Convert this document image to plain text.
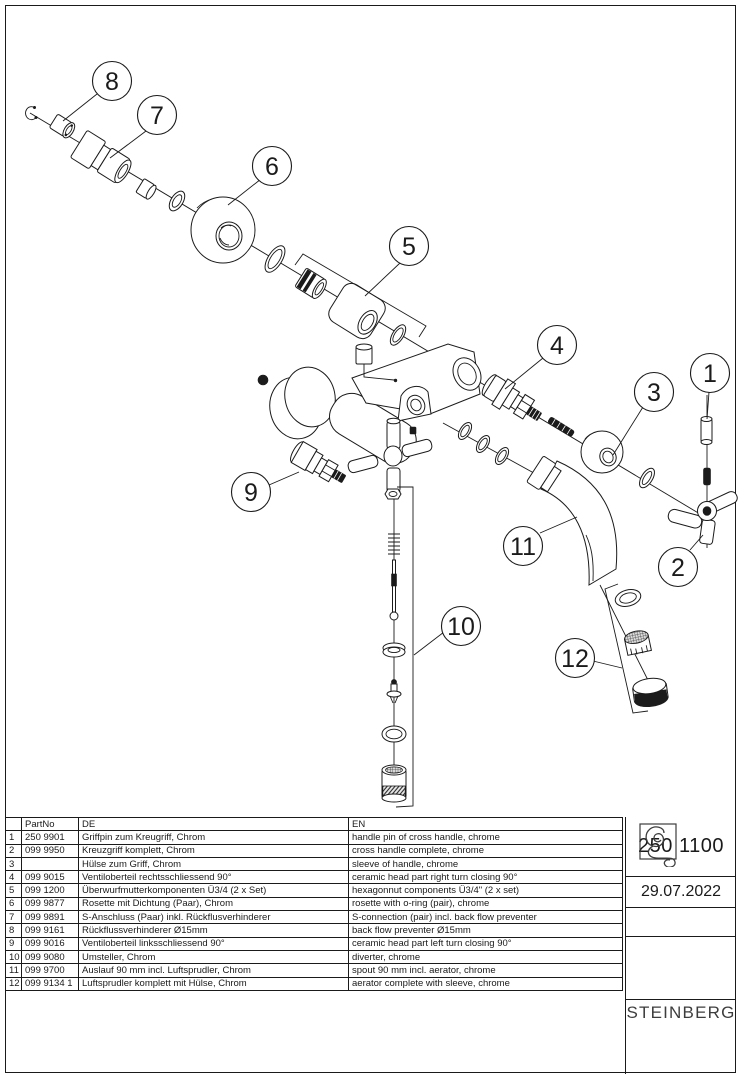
8
7
6
5
4
3
1
2
9
11
10
12
	PartNo	DE	EN
1	250 9901	Griffpin zum Kreugriff, Chrom	handle pin of cross handle, chrome
2	099 9950	Kreuzgriff komplett, Chrom	cross handle complete, chrome
3		Hülse zum Griff, Chrom	sleeve of handle, chrome
4	099 9015	Ventiloberteil rechtsschliessend 90°	ceramic head part right turn closing 90°
5	099 1200	Überwurfmutterkomponenten Ü3/4 (2 x Set)	hexagonnut components Ü3/4" (2 x set)
6	099 9877	Rosette mit Dichtung (Paar), Chrom	rosette with o-ring (pair), chrome
7	099 9891	S-Anschluss (Paar) inkl. Rückflusverhinderer	S-connection (pair) incl. back flow preventer
8	099 9161	Rückflussverhinderer Ø15mm	back flow preventer Ø15mm
9	099 9016	Ventiloberteil linksschliessend 90°	ceramic head part left turn closing 90°
10	099 9080	Umsteller, Chrom	diverter, chrome
11	099 9700	Auslauf 90 mm incl. Luftsprudler, Chrom	spout 90 mm incl. aerator, chrome
12	099 9134 1	Luftsprudler komplett mit Hülse, Chrom	aerator complete with sleeve, chrome
250 1100
29.07.2022
STEINBERG
